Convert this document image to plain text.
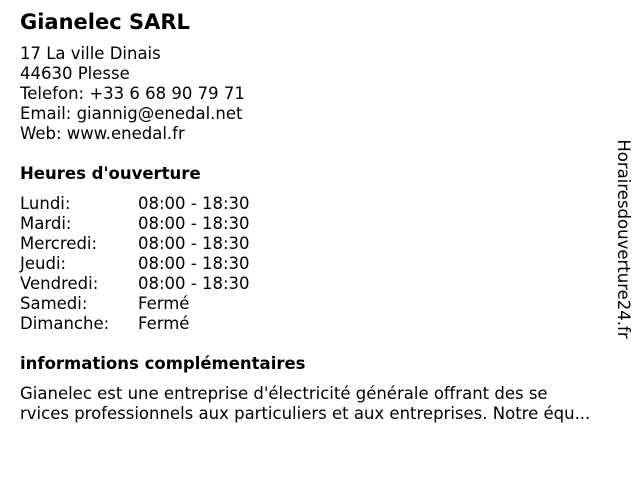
Gianelec SARL
17 La ville Dinais
44630 Plesse
Telefon: +33 6 68 90 79 71
Email: giannig@enedal.net
Web: www.enedal.fr
Heures d'ouverture
Lundi:	08:00 - 18:30
Mardi:	08:00 - 18:30
Mercredi: 08:00 - 18:30
Jeudi:	08:00 - 18:30
Vendredi: 08:00 - 18:30
Samedi:	Fermé
Dimanche: Fermé
informations complémentaires
Gianelec est une entreprise d'électricité générale offrant des se
rvices professionnels aux particuliers et aux entreprises. Notre équ...
Horairesdouverture24.fr
